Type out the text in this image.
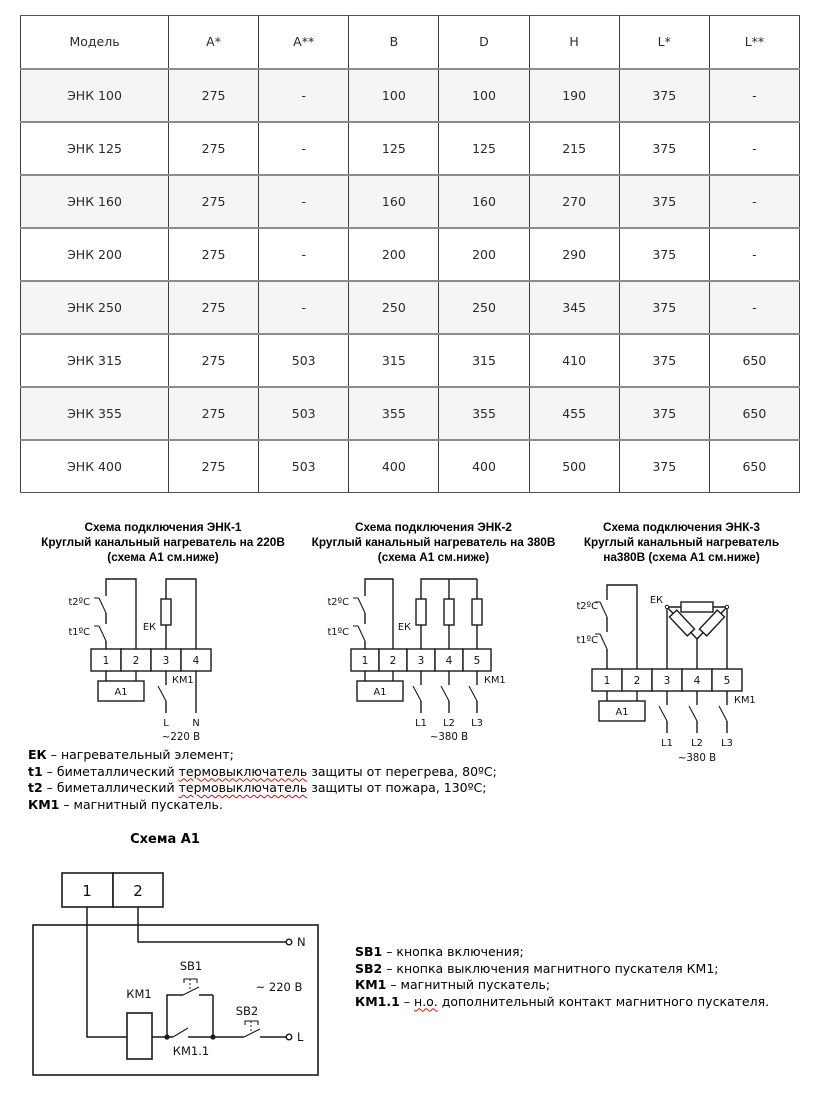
Модель	A*	A**	B	D	H	L*	L**
ЭНК 100	275	-	100	100	190	375	-
ЭНК 125	275	-	125	125	215	375	-
ЭНК 160	275	-	160	160	270	375	-
ЭНК 200	275	-	200	200	290	375	-
ЭНК 250	275	-	250	250	345	375	-
ЭНК 315	275	503	315	315	410	375	650
ЭНК 355	275	503	355	355	455	375	650
ЭНК 400	275	503	400	400	500	375	650
Схема подключения ЭНК-1
Круглый канальный нагреватель на 220В
(схема А1 см.ниже)
t2ºС
t1ºС	ЕК
1 2 3 4
А1
КМ1
L N
~220 В
Схема подключения ЭНК-2
Круглый канальный нагреватель на 380В
(схема А1 см.ниже)
t2ºС
t1ºС	ЕК
1 2 3 4 5
А1
КМ1
L1 L2 L3
~380 В
Схема подключения ЭНК-3
Круглый канальный нагреватель
на380В (схема А1 см.ниже)
t2ºС
t1ºС
ЕК
1 2 3 4 5
А1
КМ1
L1 L2 L3
~380 В
ЕК – нагревательный элемент;
t1 – биметаллический термовыключатель защиты от перегрева, 80ºС;
t2 – биметаллический термовыключатель защиты от пожара, 130ºС;
КМ1 – магнитный пускатель.
Схема А1
1	2
N
КМ1
КМ1.1
SB1
SB2
L
~ 220 В
SB1 – кнопка включения;
SB2 – кнопка выключения магнитного пускателя КМ1;
КМ1 – магнитный пускатель;
КМ1.1 – н.о. дополнительный контакт магнитного пускателя.
